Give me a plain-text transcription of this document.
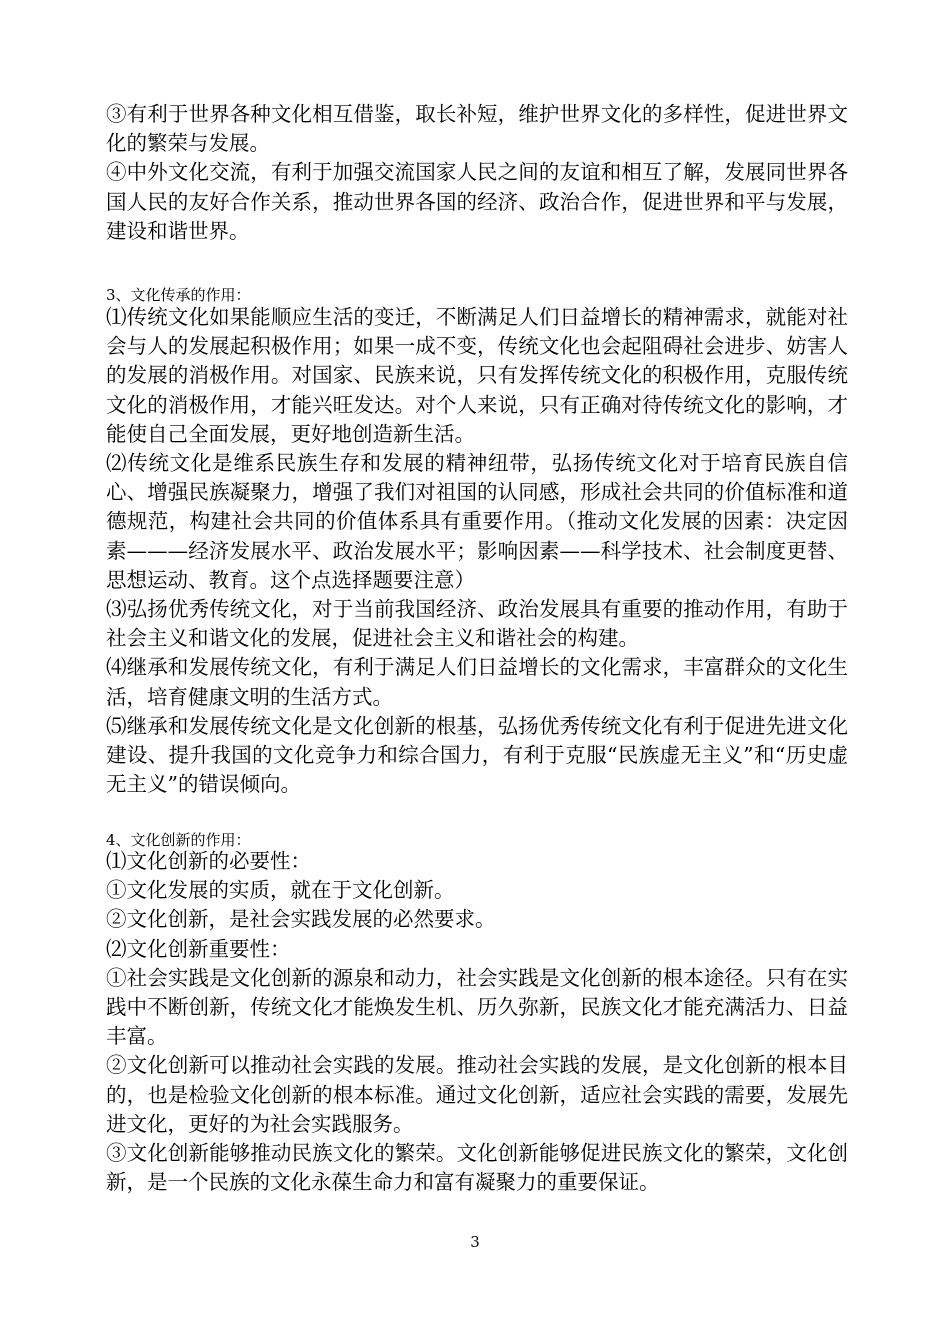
③有利于世界各种文化相互借鉴，取长补短，维护世界文化的多样性，促进世界文化的繁荣与发展。

④中外文化交流，有利于加强交流国家人民之间的友谊和相互了解，发展同世界各国人民的友好合作关系，推动世界各国的经济、政治合作，促进世界和平与发展，建设和谐世界。

3、文化传承的作用：

⑴传统文化如果能顺应生活的变迁，不断满足人们日益增长的精神需求，就能对社会与人的发展起积极作用；如果一成不变，传统文化也会起阻碍社会进步、妨害人的发展的消极作用。对国家、民族来说，只有发挥传统文化的积极作用，克服传统文化的消极作用，才能兴旺发达。对个人来说，只有正确对待传统文化的影响，才能使自己全面发展，更好地创造新生活。

⑵传统文化是维系民族生存和发展的精神纽带，弘扬传统文化对于培育民族自信心、增强民族凝聚力，增强了我们对祖国的认同感，形成社会共同的价值标准和道德规范，构建社会共同的价值体系具有重要作用。（推动文化发展的因素：决定因素———经济发展水平、政治发展水平；影响因素——科学技术、社会制度更替、思想运动、教育。这个点选择题要注意）

⑶弘扬优秀传统文化，对于当前我国经济、政治发展具有重要的推动作用，有助于社会主义和谐文化的发展，促进社会主义和谐社会的构建。

⑷继承和发展传统文化，有利于满足人们日益增长的文化需求，丰富群众的文化生活，培育健康文明的生活方式。

⑸继承和发展传统文化是文化创新的根基，弘扬优秀传统文化有利于促进先进文化建设、提升我国的文化竞争力和综合国力，有利于克服“民族虚无主义”和“历史虚无主义”的错误倾向。

4、文化创新的作用：

⑴文化创新的必要性：

①文化发展的实质，就在于文化创新。

②文化创新，是社会实践发展的必然要求。

⑵文化创新重要性：

①社会实践是文化创新的源泉和动力，社会实践是文化创新的根本途径。只有在实践中不断创新，传统文化才能焕发生机、历久弥新，民族文化才能充满活力、日益丰富。

②文化创新可以推动社会实践的发展。推动社会实践的发展，是文化创新的根本目的，也是检验文化创新的根本标准。通过文化创新，适应社会实践的需要，发展先进文化，更好的为社会实践服务。

③文化创新能够推动民族文化的繁荣。文化创新能够促进民族文化的繁荣，文化创新，是一个民族的文化永葆生命力和富有凝聚力的重要保证。

3
